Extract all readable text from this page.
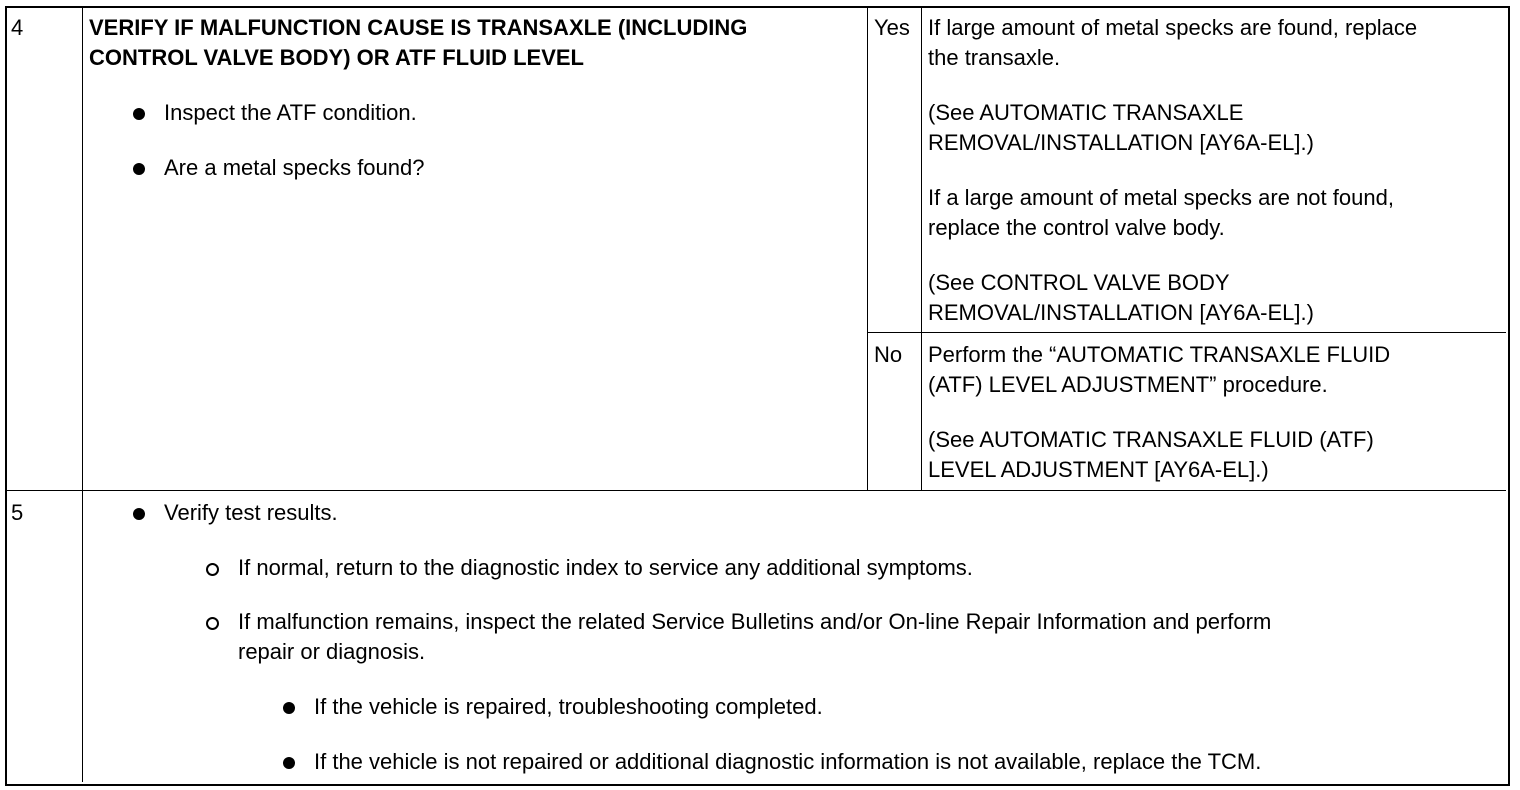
4	VERIFY IF MALFUNCTION CAUSE IS TRANSAXLE (INCLUDING
CONTROL VALVE BODY) OR ATF FLUID LEVEL
Inspect the ATF condition.
Are a metal specks found?
Yes If large amount of metal specks are found, replace
the transaxle.
(See AUTOMATIC TRANSAXLE
REMOVAL/INSTALLATION [AY6A-EL].)
If a large amount of metal specks are not found,
replace the control valve body.
(See CONTROL VALVE BODY
REMOVAL/INSTALLATION [AY6A-EL].)
No Perform the “AUTOMATIC TRANSAXLE FLUID
(ATF) LEVEL ADJUSTMENT” procedure.
(See AUTOMATIC TRANSAXLE FLUID (ATF)
LEVEL ADJUSTMENT [AY6A-EL].)
5	Verify test results.
If normal, return to the diagnostic index to service any additional symptoms.
If malfunction remains, inspect the related Service Bulletins and/or On-line Repair Information and perform
repair or diagnosis.
If the vehicle is repaired, troubleshooting completed.
If the vehicle is not repaired or additional diagnostic information is not available, replace the TCM.
